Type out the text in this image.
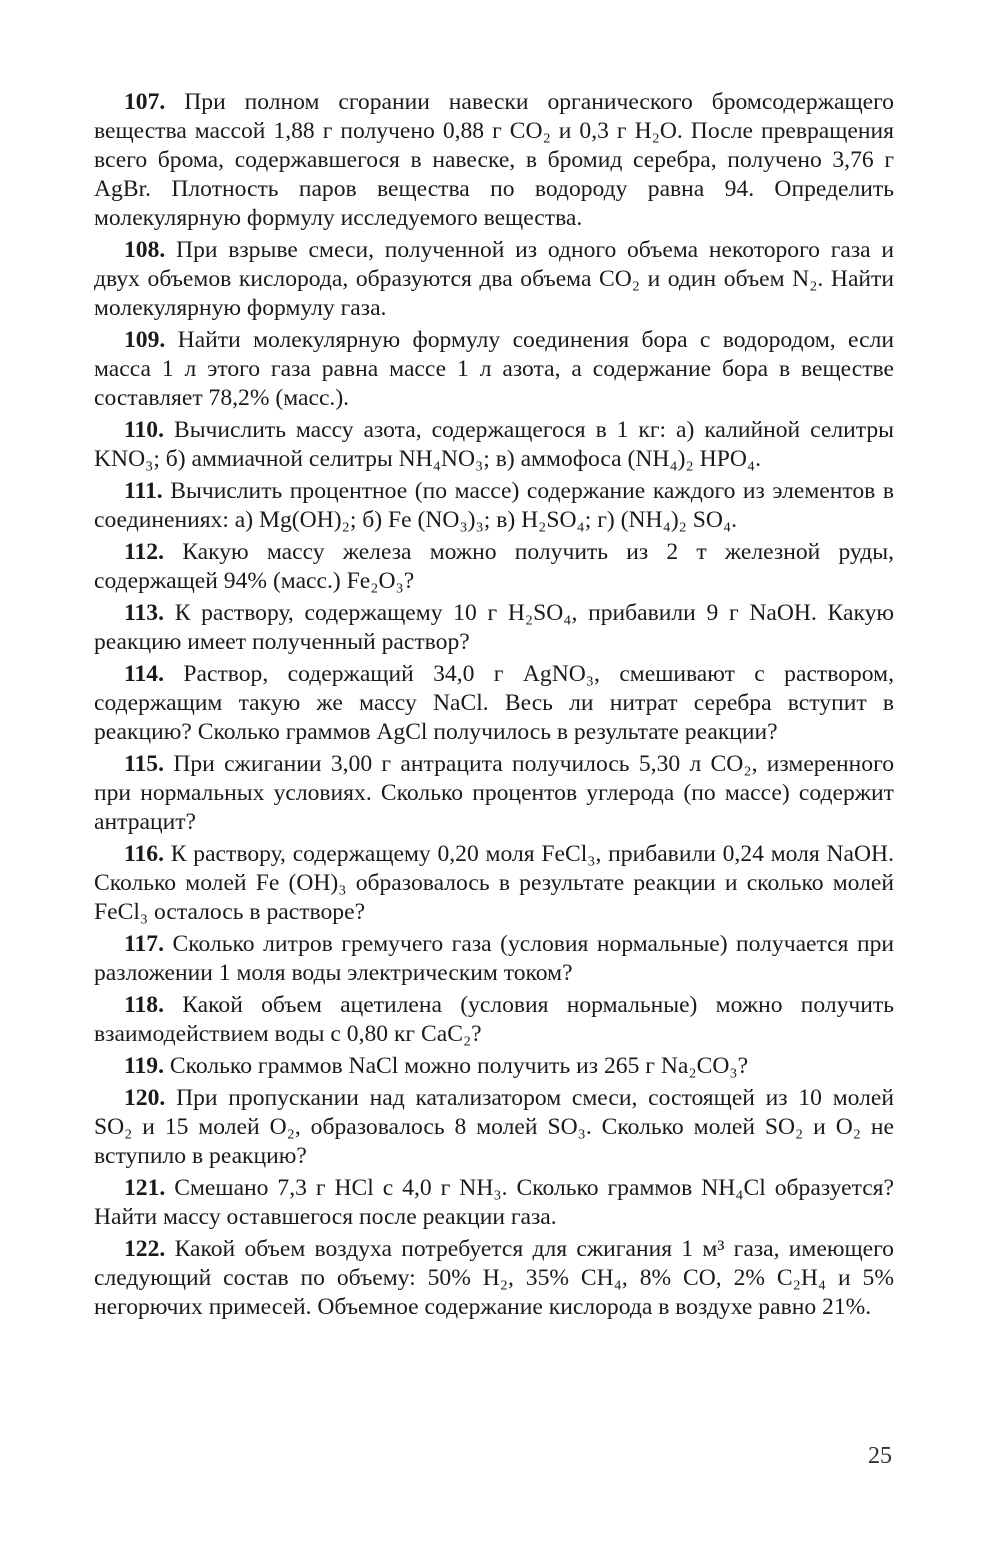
107. При полном сгорании навески органического бромсодержащего вещества массой 1,88 г получено 0,88 г CO₂ и 0,3 г H₂O. После превращения всего брома, содержавшегося в навеске, в бромид серебра, получено 3,76 г AgBr. Плотность паров вещества по водороду равна 94. Определить молекулярную формулу исследуемого вещества.

108. При взрыве смеси, полученной из одного объема некоторого газа и двух объемов кислорода, образуются два объема CO₂ и один объем N₂. Найти молекулярную формулу газа.

109. Найти молекулярную формулу соединения бора с водородом, если масса 1 л этого газа равна массе 1 л азота, а содержание бора в веществе составляет 78,2% (масс.).

110. Вычислить массу азота, содержащегося в 1 кг: а) калийной селитры KNO₃; б) аммиачной селитры NH₄NO₃; в) аммофоса (NH₄)₂ HPO₄.

111. Вычислить процентное (по массе) содержание каждого из элементов в соединениях: а) Mg(OH)₂; б) Fe (NO₃)₃; в) H₂SO₄; г) (NH₄)₂ SO₄.

112. Какую массу железа можно получить из 2 т железной руды, содержащей 94% (масс.) Fe₂O₃?

113. К раствору, содержащему 10 г H₂SO₄, прибавили 9 г NaOH. Какую реакцию имеет полученный раствор?

114. Раствор, содержащий 34,0 г AgNO₃, смешивают с раствором, содержащим такую же массу NaCl. Весь ли нитрат серебра вступит в реакцию? Сколько граммов AgCl получилось в результате реакции?

115. При сжигании 3,00 г антрацита получилось 5,30 л CO₂, измеренного при нормальных условиях. Сколько процентов углерода (по массе) содержит антрацит?

116. К раствору, содержащему 0,20 моля FeCl₃, прибавили 0,24 моля NaOH. Сколько молей Fe (OH)₃ образовалось в результате реакции и сколько молей FeCl₃ осталось в растворе?

117. Сколько литров гремучего газа (условия нормальные) получается при разложении 1 моля воды электрическим током?

118. Какой объем ацетилена (условия нормальные) можно получить взаимодействием воды с 0,80 кг CaC₂?

119. Сколько граммов NaCl можно получить из 265 г Na₂CO₃?

120. При пропускании над катализатором смеси, состоящей из 10 молей SO₂ и 15 молей O₂, образовалось 8 молей SO₃. Сколько молей SO₂ и O₂ не вступило в реакцию?

121. Смешано 7,3 г HCl с 4,0 г NH₃. Сколько граммов NH₄Cl образуется? Найти массу оставшегося после реакции газа.

122. Какой объем воздуха потребуется для сжигания 1 м³ газа, имеющего следующий состав по объему: 50% H₂, 35% CH₄, 8% CO, 2% C₂H₄ и 5% негорючих примесей. Объемное содержание кислорода в воздухе равно 21%.

25
